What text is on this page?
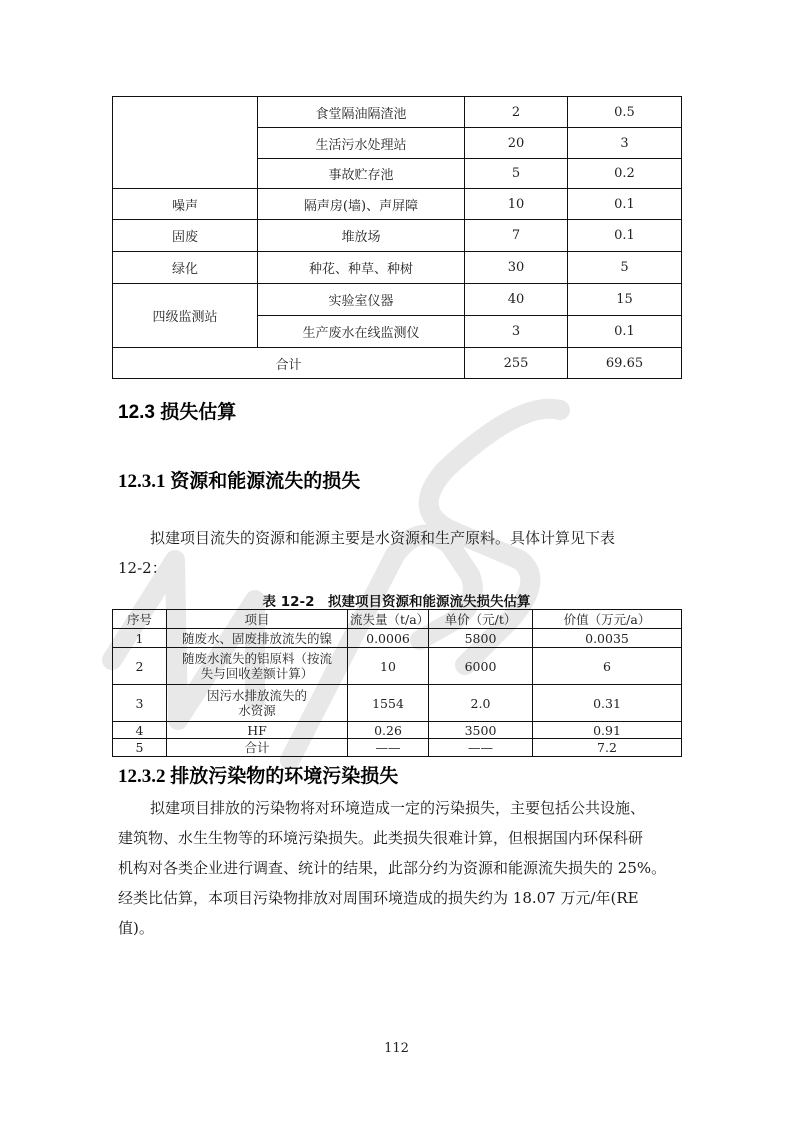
	食堂隔油隔渣池	2	0.5
	生活污水处理站	20	3
	事故贮存池	5	0.2
噪声	隔声房(墙)、声屏障	10	0.1
固废	堆放场	7	0.1
绿化	种花、种草、种树	30	5
四级监测站	实验室仪器	40	15
	生产废水在线监测仪	3	0.1
合计		255	69.65
12.3 损失估算
12.3.1 资源和能源流失的损失
拟建项目流失的资源和能源主要是水资源和生产原料。具体计算见下表
12-2：
表 12-2　拟建项目资源和能源流失损失估算
序号	项目	流失量（t/a）	单价（元/t）	价值（万元/a）
1	随废水、固废排放流失的镍	0.0006	5800	0.0035
2	随废水流失的铝原料（按流
失与回收差额计算）	10	6000	6
3	因污水排放流失的
水资源	1554	2.0	0.31
4	HF	0.26	3500	0.91
5	合计	——	——	7.2
12.3.2 排放污染物的环境污染损失
拟建项目排放的污染物将对环境造成一定的污染损失，主要包括公共设施、
建筑物、水生生物等的环境污染损失。此类损失很难计算，但根据国内环保科研
机构对各类企业进行调查、统计的结果，此部分约为资源和能源流失损失的 25%。
经类比估算，本项目污染物排放对周围环境造成的损失约为 18.07 万元/年(RE
值)。
112
